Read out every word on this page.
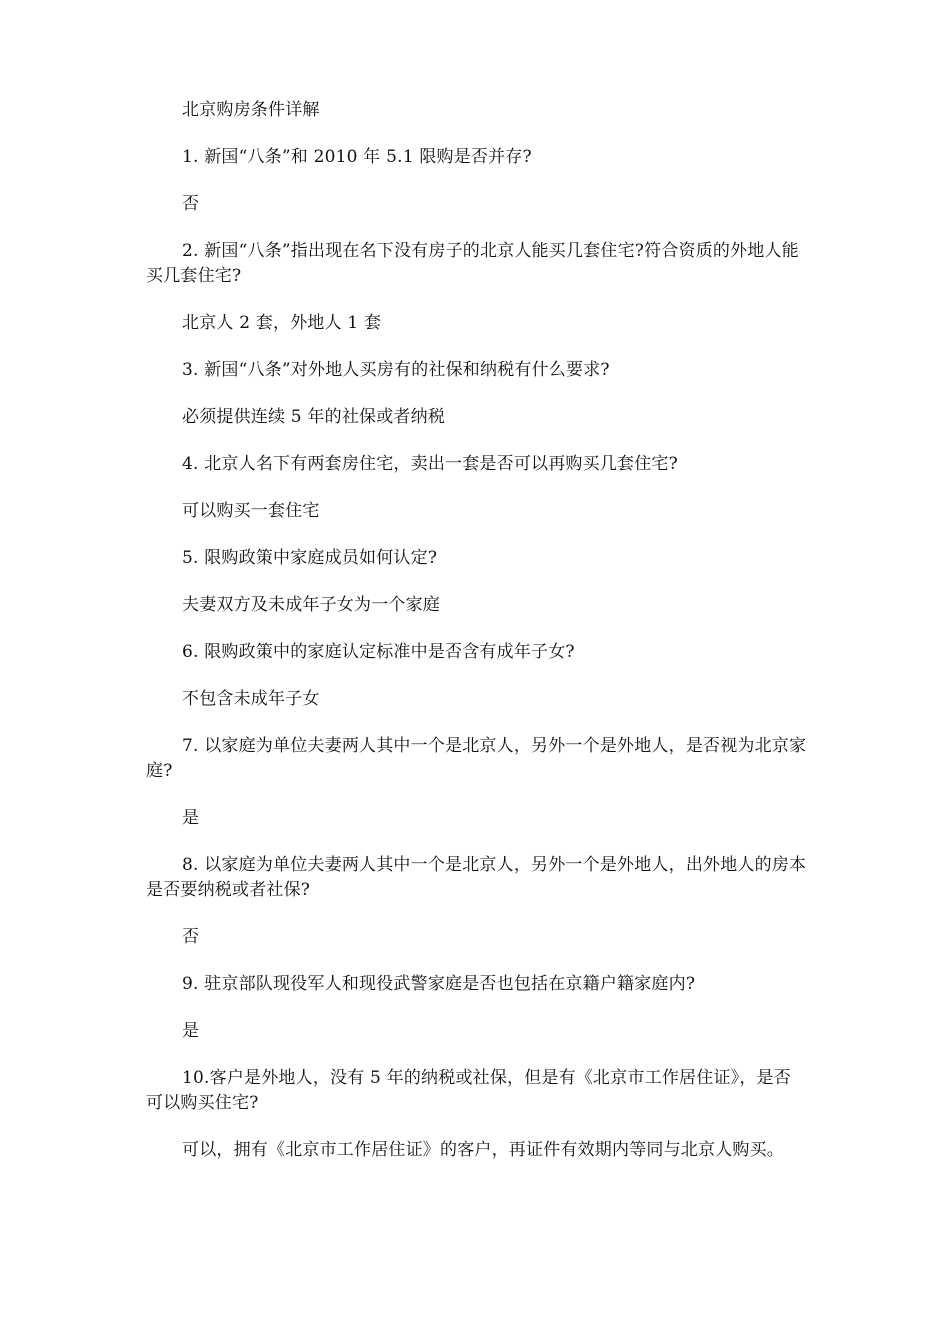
北京购房条件详解

1. 新国“八条”和 2010 年 5.1 限购是否并存?

否

2. 新国“八条”指出现在名下没有房子的北京人能买几套住宅?符合资质的外地人能买几套住宅?

北京人 2 套，外地人 1 套

3. 新国“八条”对外地人买房有的社保和纳税有什么要求?

必须提供连续 5 年的社保或者纳税

4. 北京人名下有两套房住宅，卖出一套是否可以再购买几套住宅?

可以购买一套住宅

5. 限购政策中家庭成员如何认定?

夫妻双方及未成年子女为一个家庭

6. 限购政策中的家庭认定标准中是否含有成年子女?

不包含未成年子女

7. 以家庭为单位夫妻两人其中一个是北京人，另外一个是外地人，是否视为北京家庭?

是

8. 以家庭为单位夫妻两人其中一个是北京人，另外一个是外地人，出外地人的房本是否要纳税或者社保?

否

9. 驻京部队现役军人和现役武警家庭是否也包括在京籍户籍家庭内?

是

10.客户是外地人，没有 5 年的纳税或社保，但是有《北京市工作居住证》，是否可以购买住宅?

可以，拥有《北京市工作居住证》的客户，再证件有效期内等同与北京人购买。
